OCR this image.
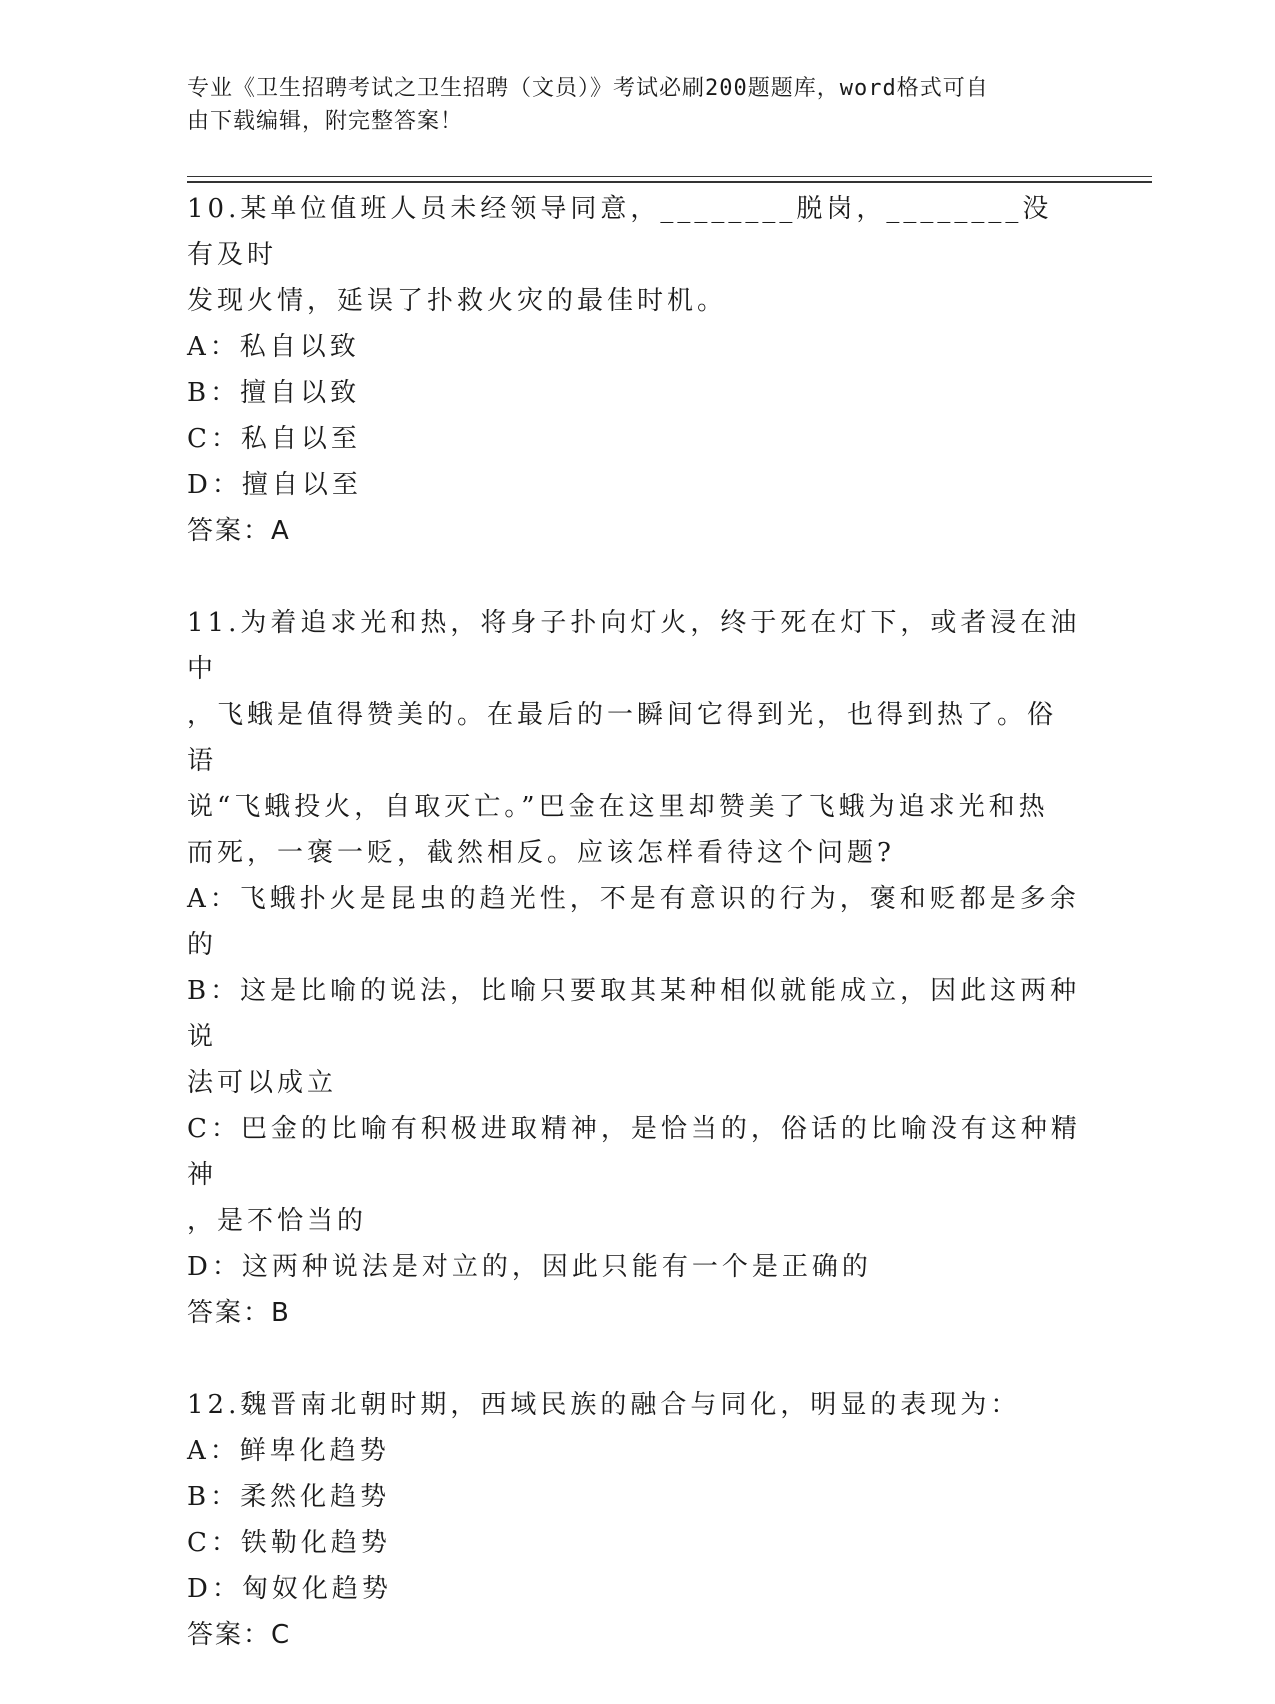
专业《卫生招聘考试之卫生招聘（文员）》考试必刷200题题库，word格式可自
由下载编辑，附完整答案！
10.某单位值班人员未经领导同意，________脱岗，________没有及时
发现火情，延误了扑救火灾的最佳时机。
A：私自以致
B：擅自以致
C：私自以至
D：擅自以至
答案：A
11.为着追求光和热，将身子扑向灯火，终于死在灯下，或者浸在油中
，飞蛾是值得赞美的。在最后的一瞬间它得到光，也得到热了。俗语
说“飞蛾投火，自取灭亡。”巴金在这里却赞美了飞蛾为追求光和热
而死，一褒一贬，截然相反。应该怎样看待这个问题?
A：飞蛾扑火是昆虫的趋光性，不是有意识的行为，褒和贬都是多余的
B：这是比喻的说法，比喻只要取其某种相似就能成立，因此这两种说
法可以成立
C：巴金的比喻有积极进取精神，是恰当的，俗话的比喻没有这种精神
，是不恰当的
D：这两种说法是对立的，因此只能有一个是正确的
答案：B
12.魏晋南北朝时期，西域民族的融合与同化，明显的表现为：
A：鲜卑化趋势
B：柔然化趋势
C：铁勒化趋势
D：匈奴化趋势
答案：C
